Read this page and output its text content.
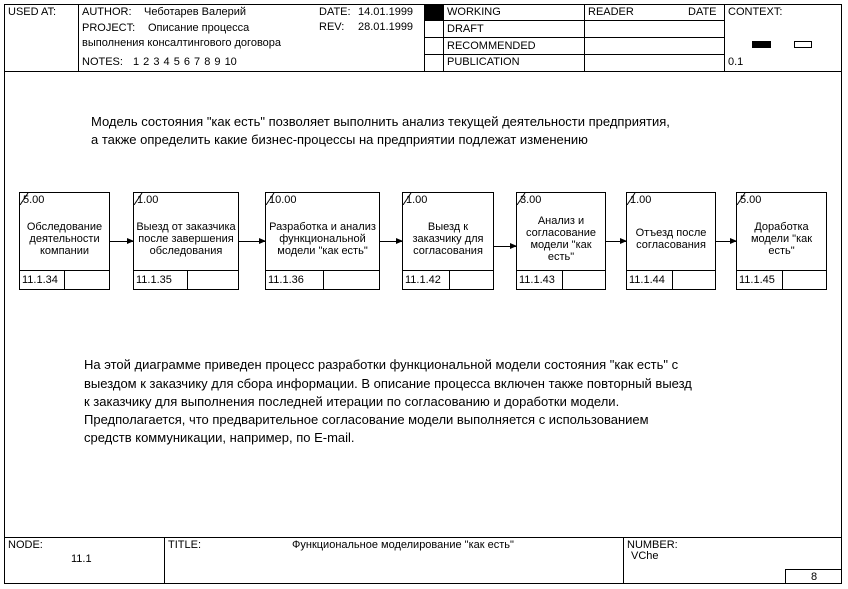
USED AT: AUTHOR: Чеботарев Валерий
PROJECT: Описание процесса
выполнения консалтингового договора
NOTES: 1 2 3 4 5 6 7 8 9 10
DATE: 14.01.1999
REV: 28.01.1999
WORKING
DRAFT
RECOMMENDED
PUBLICATION
READER	DATE CONTEXT:
0.1
Модель состояния "как есть" позволяет выполнить анализ текущей деятельности предприятия,
а также определить какие бизнес-процессы на предприятии подлежат изменению
5.00
Обследование деятельности компании
11.1.34
1.00
Выезд от заказчика после завершения обследования
11.1.35
10.00
Разработка и анализ функциональной модели "как есть"
11.1.36
1.00
Выезд к заказчику для согласования
11.1.42
3.00
Анализ и согласование модели "как есть"
11.1.43
1.00
Отъезд после согласования
11.1.44
5.00
Доработка модели "как есть"
11.1.45
На этой диаграмме приведен процесс разработки функциональной модели состояния "как есть" с
выездом к заказчику для сбора информации. В описание процесса включен также повторный выезд
к заказчику для выполнения последней итерации по согласованию и доработки модели.
Предполагается, что предварительное согласование модели выполняется с использованием
средств коммуникации, например, по E-mail.
NODE:
11.1
TITLE:	Функциональное моделирование "как есть"	NUMBER:
VChe
8
